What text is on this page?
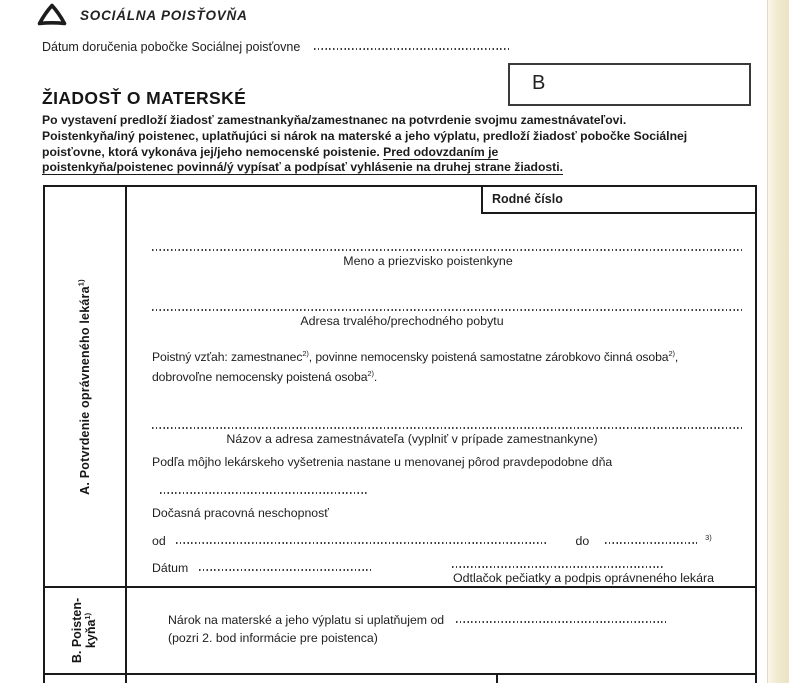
SOCIÁLNA POISŤOVŇA
Dátum doručenia pobočke Sociálnej poisťovne
B
ŽIADOSŤ O MATERSKÉ
Po vystavení predloží žiadosť zamestnankyňa/zamestnanec na potvrdenie svojmu zamestnávateľovi.
Poistenkyňa/iný poistenec, uplatňujúci si nárok na materské a jeho výplatu, predloží žiadosť pobočke Sociálnej
poisťovne, ktorá vykonáva jej/jeho nemocenské poistenie. Pred odovzdaním je
poistenkyňa/poistenec povinná/ý vypísať a podpísať vyhlásenie na druhej strane žiadosti.
Rodné číslo
A. Potvrdenie oprávneného lekára$^{1)}$
B. Poisten- kyňa$^{1)}$
Meno a priezvisko poistenkyne
Adresa trvalého/prechodného pobytu
Poistný vzťah: zamestnanec$^{2)}$, povinne nemocensky poistená samostatne zárobkovo činná osoba$^{2)}$,
dobrovoľne nemocensky poistená osoba$^{2)}$.
Názov a adresa zamestnávateľa (vyplniť v prípade zamestnankyne)
Podľa môjho lekárskeho vyšetrenia nastane u menovanej pôrod pravdepodobne dňa
Dočasná pracovná neschopnosť
od	do	$^{3)}$
Dátum
Odtlačok pečiatky a podpis oprávneného lekára
Nárok na materské a jeho výplatu si uplatňujem od
(pozri 2. bod informácie pre poistenca)
